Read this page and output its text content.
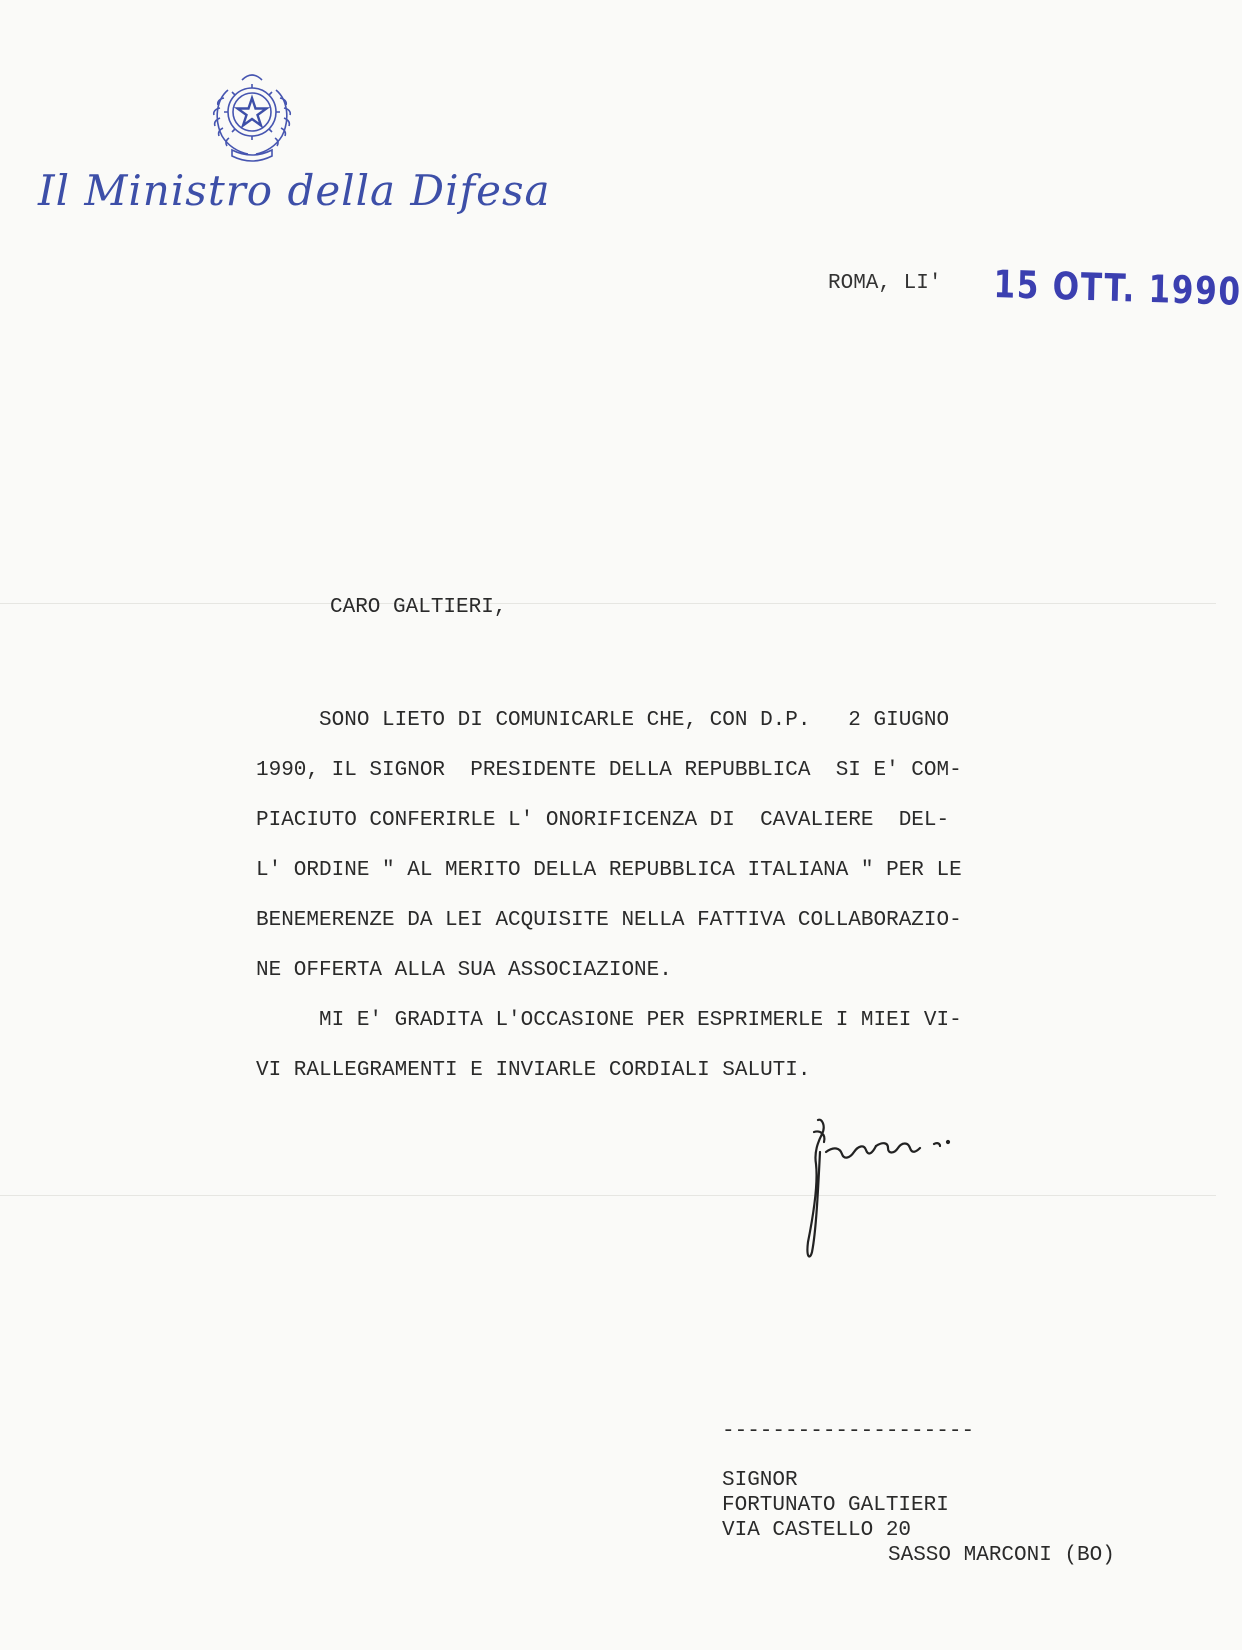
Il Ministro della Difesa
ROMA, LI' 15 OTT. 1990
CARO GALTIERI,
SONO LIETO DI COMUNICARLE CHE, CON D.P.   2 GIUGNO
1990, IL SIGNOR  PRESIDENTE DELLA REPUBBLICA  SI E' COM-
PIACIUTO CONFERIRLE L' ONORIFICENZA DI  CAVALIERE  DEL-
L' ORDINE " AL MERITO DELLA REPUBBLICA ITALIANA " PER LE
BENEMERENZE DA LEI ACQUISITE NELLA FATTIVA COLLABORAZIO-
NE OFFERTA ALLA SUA ASSOCIAZIONE.
MI E' GRADITA L'OCCASIONE PER ESPRIMERLE I MIEI VI-
VI RALLEGRAMENTI E INVIARLE CORDIALI SALUTI.
--------------------
SIGNOR
FORTUNATO GALTIERI
VIA CASTELLO 20
SASSO MARCONI (BO)
